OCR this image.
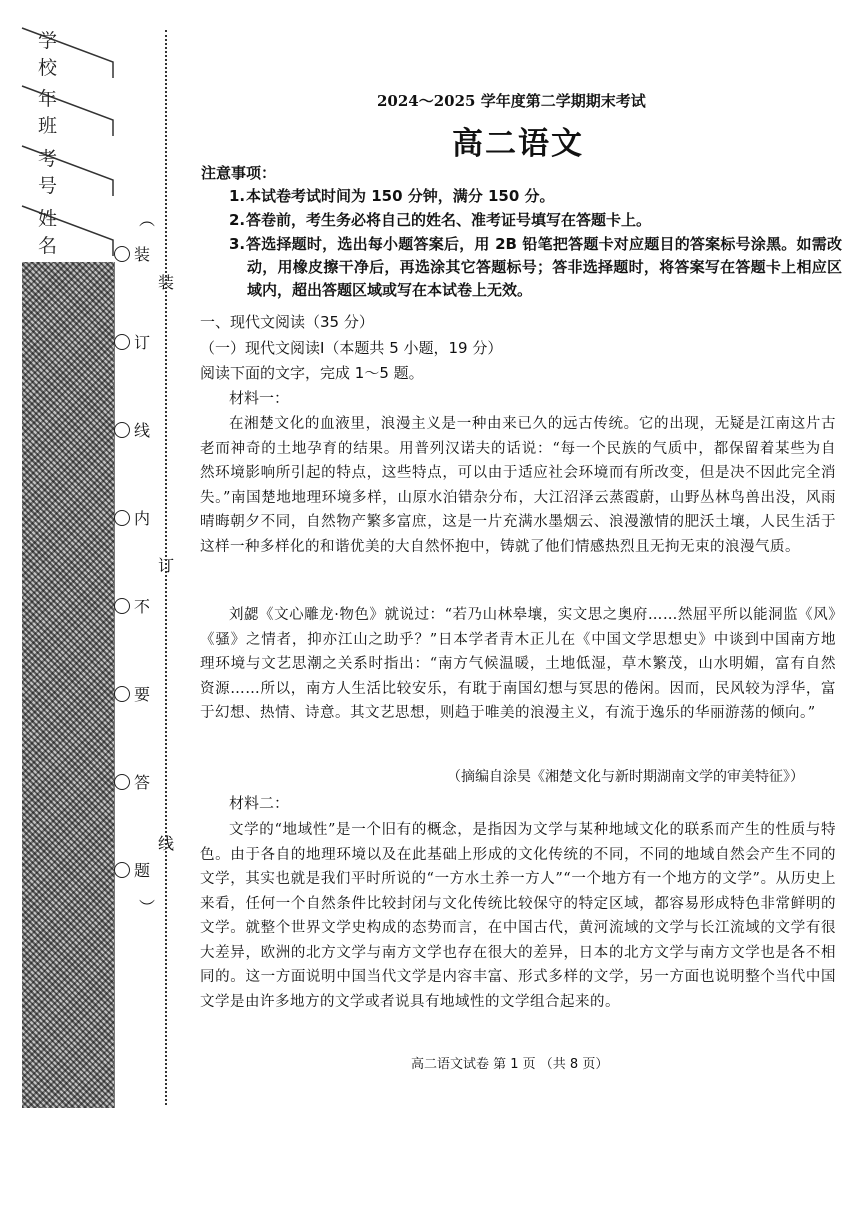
学 校
年 班
考 号
姓 名
︵
装
订
线
内
不
要
答
题
︶
装
订
线
2024～2025 学年度第二学期期末考试
高二语文
注意事项：
1. 本试卷考试时间为 150 分钟，满分 150 分。
2. 答卷前，考生务必将自己的姓名、准考证号填写在答题卡上。
3. 答选择题时，选出每小题答案后，用 2B 铅笔把答题卡对应题目的答案标号涂黑。如需改动，用橡皮擦干净后，再选涂其它答题标号；答非选择题时，将答案写在答题卡上相应区域内，超出答题区域或写在本试卷上无效。
一、现代文阅读（35 分）
（一）现代文阅读Ⅰ（本题共 5 小题，19 分）
阅读下面的文字，完成 1～5 题。
材料一：

在湘楚文化的血液里，浪漫主义是一种由来已久的远古传统。它的出现，无疑是江南这片古老而神奇的土地孕育的结果。用普列汉诺夫的话说：“每一个民族的气质中，都保留着某些为自然环境影响所引起的特点，这些特点，可以由于适应社会环境而有所改变，但是决不因此完全消失。”南国楚地地理环境多样，山原水泊错杂分布，大江沼泽云蒸霞蔚，山野丛林鸟兽出没，风雨晴晦朝夕不同，自然物产繁多富庶，这是一片充满水墨烟云、浪漫激情的肥沃土壤，人民生活于这样一种多样化的和谐优美的大自然怀抱中，铸就了他们情感热烈且无拘无束的浪漫气质。

刘勰《文心雕龙·物色》就说过：“若乃山林皋壤，实文思之奥府……然屈平所以能洞监《风》《骚》之情者，抑亦江山之助乎？”日本学者青木正儿在《中国文学思想史》中谈到中国南方地理环境与文艺思潮之关系时指出：“南方气候温暖，土地低湿，草木繁茂，山水明媚，富有自然资源……所以，南方人生活比较安乐，有耽于南国幻想与冥思的倦闲。因而，民风较为浮华，富于幻想、热情、诗意。其文艺思想，则趋于唯美的浪漫主义，有流于逸乐的华丽游荡的倾向。”

（摘编自涂昊《湘楚文化与新时期湖南文学的审美特征》）
材料二：

文学的“地域性”是一个旧有的概念，是指因为文学与某种地域文化的联系而产生的性质与特色。由于各自的地理环境以及在此基础上形成的文化传统的不同，不同的地域自然会产生不同的文学，其实也就是我们平时所说的“一方水土养一方人”“一个地方有一个地方的文学”。从历史上来看，任何一个自然条件比较封闭与文化传统比较保守的特定区域，都容易形成特色非常鲜明的文学。就整个世界文学史构成的态势而言，在中国古代，黄河流域的文学与长江流域的文学有很大差异，欧洲的北方文学与南方文学也存在很大的差异，日本的北方文学与南方文学也是各不相同的。这一方面说明中国当代文学是内容丰富、形式多样的文学，另一方面也说明整个当代中国文学是由许多地方的文学或者说具有地域性的文学组合起来的。

高二语文试卷 第 1 页 （共 8 页）
